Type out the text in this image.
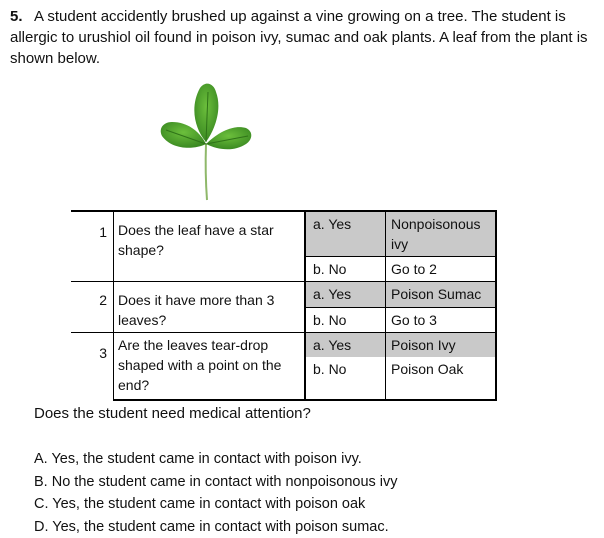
5. A student accidently brushed up against a vine growing on a tree. The student is allergic to urushiol oil found in poison ivy, sumac and oak plants. A leaf from the plant is shown below.
1	Does the leaf have a star shape?	a. Yes	Nonpoisonous ivy
		b. No	Go to 2
2	Does it have more than 3 leaves?	a. Yes	Poison Sumac
		b. No	Go to 3
3	Are the leaves tear-drop shaped with a point on the end?	a. Yes	Poison Ivy
		b. No	Poison Oak
Does the student need medical attention?
A. Yes, the student came in contact with poison ivy.
B. No the student came in contact with nonpoisonous ivy
C. Yes, the student came in contact with poison oak
D. Yes, the student came in contact with poison sumac.
